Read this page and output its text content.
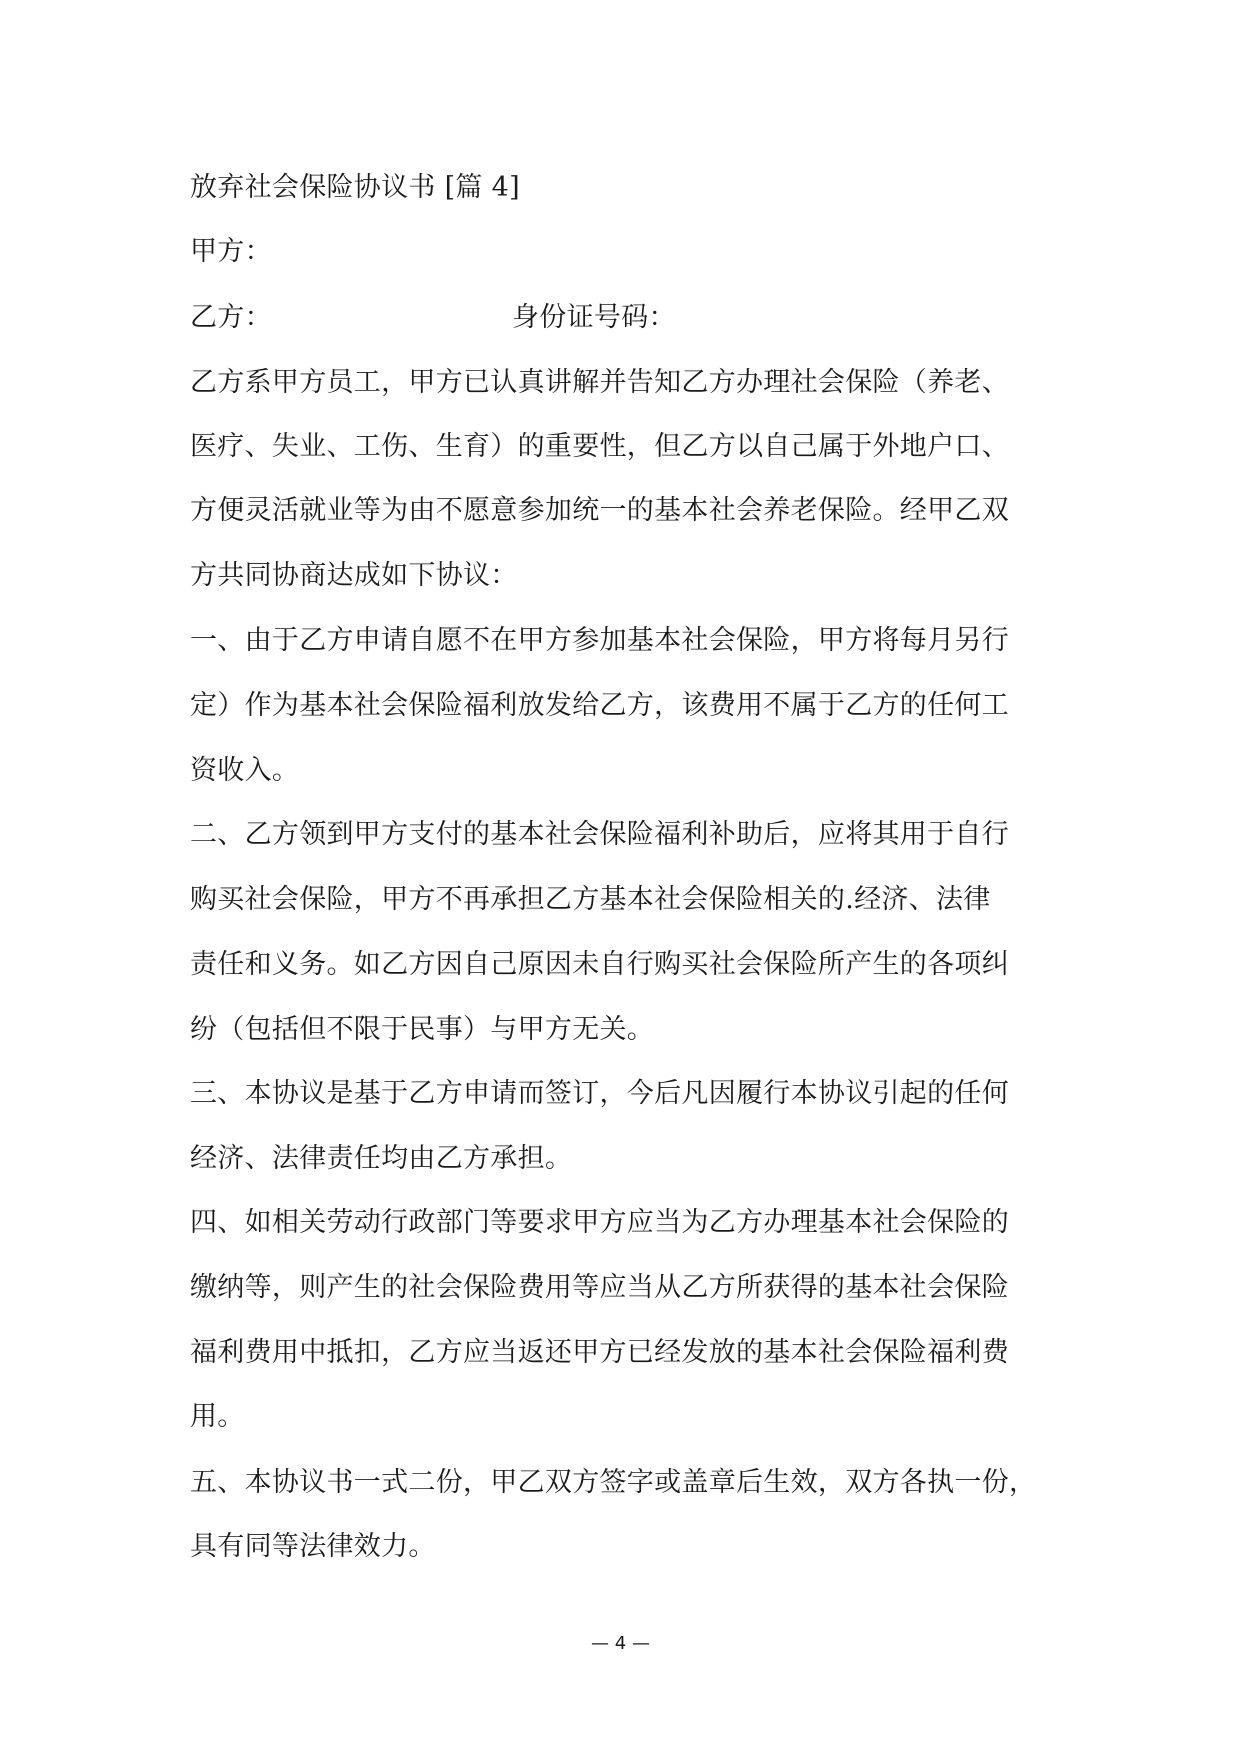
放弃社会保险协议书 [篇 4]
甲方：
乙方：	身份证号码：
乙方系甲方员工，甲方已认真讲解并告知乙方办理社会保险（养老、
医疗、失业、工伤、生育）的重要性，但乙方以自己属于外地户口、
方便灵活就业等为由不愿意参加统一的基本社会养老保险。经甲乙双
方共同协商达成如下协议：
一、由于乙方申请自愿不在甲方参加基本社会保险，甲方将每月另行
定）作为基本社会保险福利放发给乙方，该费用不属于乙方的任何工
资收入。
二、乙方领到甲方支付的基本社会保险福利补助后，应将其用于自行
购买社会保险，甲方不再承担乙方基本社会保险相关的.经济、法律
责任和义务。如乙方因自己原因未自行购买社会保险所产生的各项纠
纷（包括但不限于民事）与甲方无关。
三、本协议是基于乙方申请而签订，今后凡因履行本协议引起的任何
经济、法律责任均由乙方承担。
四、如相关劳动行政部门等要求甲方应当为乙方办理基本社会保险的
缴纳等，则产生的社会保险费用等应当从乙方所获得的基本社会保险
福利费用中抵扣，乙方应当返还甲方已经发放的基本社会保险福利费
用。
五、本协议书一式二份，甲乙双方签字或盖章后生效，双方各执一份，
具有同等法律效力。
— 4 —
